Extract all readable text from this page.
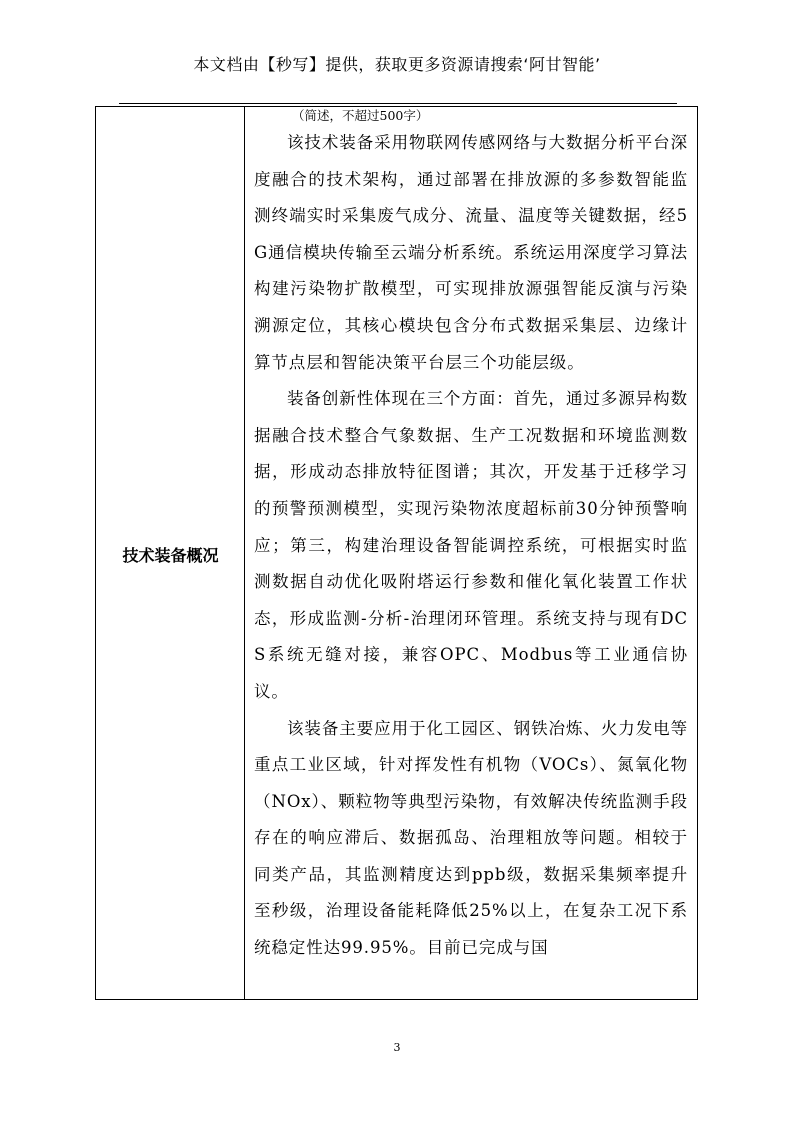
本文档由【秒写】提供，获取更多资源请搜索‘阿甘智能’
技术装备概况

（简述，不超过500字）

该技术装备采用物联网传感网络与大数据分析平台深度融合的技术架构，通过部署在排放源的多参数智能监测终端实时采集废气成分、流量、温度等关键数据，经5G通信模块传输至云端分析系统。系统运用深度学习算法构建污染物扩散模型，可实现排放源强智能反演与污染溯源定位，其核心模块包含分布式数据采集层、边缘计算节点层和智能决策平台层三个功能层级。

装备创新性体现在三个方面：首先，通过多源异构数据融合技术整合气象数据、生产工况数据和环境监测数据，形成动态排放特征图谱；其次，开发基于迁移学习的预警预测模型，实现污染物浓度超标前30分钟预警响应；第三，构建治理设备智能调控系统，可根据实时监测数据自动优化吸附塔运行参数和催化氧化装置工作状态，形成监测-分析-治理闭环管理。系统支持与现有DCS系统无缝对接，兼容OPC、Modbus等工业通信协议。

该装备主要应用于化工园区、钢铁冶炼、火力发电等重点工业区域，针对挥发性有机物（VOCs）、氮氧化物（NOx）、颗粒物等典型污染物，有效解决传统监测手段存在的响应滞后、数据孤岛、治理粗放等问题。相较于同类产品，其监测精度达到ppb级，数据采集频率提升至秒级，治理设备能耗降低25%以上，在复杂工况下系统稳定性达99.95%。目前已完成与国

3
